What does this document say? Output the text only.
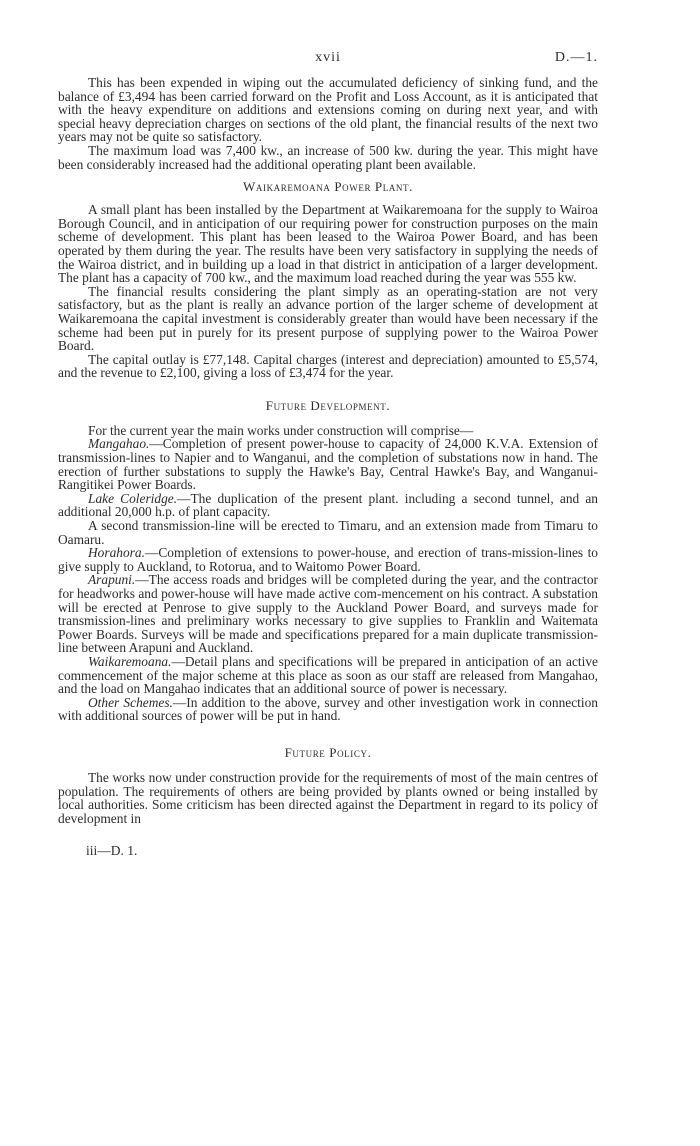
xvii	D.—1.

This has been expended in wiping out the accumulated deficiency of sinking fund, and the balance of £3,494 has been carried forward on the Profit and Loss Account, as it is anticipated that with the heavy expenditure on additions and extensions coming on during next year, and with special heavy depreciation charges on sections of the old plant, the financial results of the next two years may not be quite so satisfactory.

The maximum load was 7,400 kw., an increase of 500 kw. during the year. This might have been considerably increased had the additional operating plant been available.

Waikaremoana Power Plant.

A small plant has been installed by the Department at Waikaremoana for the supply to Wairoa Borough Council, and in anticipation of our requiring power for construction purposes on the main scheme of development. This plant has been leased to the Wairoa Power Board, and has been operated by them during the year. The results have been very satisfactory in supplying the needs of the Wairoa district, and in building up a load in that district in anticipation of a larger development. The plant has a capacity of 700 kw., and the maximum load reached during the year was 555 kw.

The financial results considering the plant simply as an operating-station are not very satisfactory, but as the plant is really an advance portion of the larger scheme of development at Waikaremoana the capital investment is considerably greater than would have been necessary if the scheme had been put in purely for its present purpose of supplying power to the Wairoa Power Board.

The capital outlay is £77,148. Capital charges (interest and depreciation) amounted to £5,574, and the revenue to £2,100, giving a loss of £3,474 for the year.

Future Development.

For the current year the main works under construction will comprise—

Mangahao.—Completion of present power-house to capacity of 24,000 K.V.A. Extension of transmission-lines to Napier and to Wanganui, and the completion of substations now in hand. The erection of further substations to supply the Hawke's Bay, Central Hawke's Bay, and Wanganui-Rangitikei Power Boards.

Lake Coleridge.—The duplication of the present plant. including a second tunnel, and an additional 20,000 h.p. of plant capacity.

A second transmission-line will be erected to Timaru, and an extension made from Timaru to Oamaru.

Horahora.—Completion of extensions to power-house, and erection of trans-mission-lines to give supply to Auckland, to Rotorua, and to Waitomo Power Board.

Arapuni.—The access roads and bridges will be completed during the year, and the contractor for headworks and power-house will have made active com-mencement on his contract. A substation will be erected at Penrose to give supply to the Auckland Power Board, and surveys made for transmission-lines and preliminary works necessary to give supplies to Franklin and Waitemata Power Boards. Surveys will be made and specifications prepared for a main duplicate transmission-line between Arapuni and Auckland.

Waikaremoana.—Detail plans and specifications will be prepared in anticipation of an active commencement of the major scheme at this place as soon as our staff are released from Mangahao, and the load on Mangahao indicates that an additional source of power is necessary.

Other Schemes.—In addition to the above, survey and other investigation work in connection with additional sources of power will be put in hand.

Future Policy.

The works now under construction provide for the requirements of most of the main centres of population. The requirements of others are being provided by plants owned or being installed by local authorities. Some criticism has been directed against the Department in regard to its policy of development in

iii—D. 1.
